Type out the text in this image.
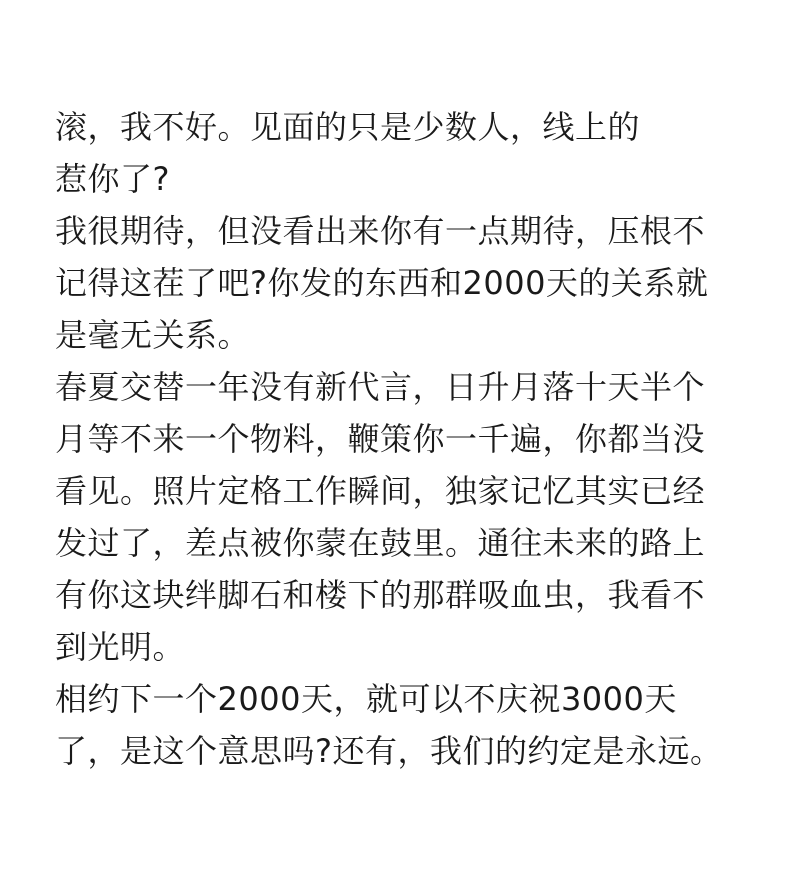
滚，我不好。见面的只是少数人，线上的
惹你了?
我很期待，但没看出来你有一点期待，压根不
记得这茬了吧?你发的东西和2000天的关系就
是毫无关系。
春夏交替一年没有新代言，日升月落十天半个
月等不来一个物料，鞭策你一千遍，你都当没
看见。照片定格工作瞬间，独家记忆其实已经
发过了，差点被你蒙在鼓里。通往未来的路上
有你这块绊脚石和楼下的那群吸血虫，我看不
到光明。
相约下一个2000天，就可以不庆祝3000天
了，是这个意思吗?还有，我们的约定是永远。
